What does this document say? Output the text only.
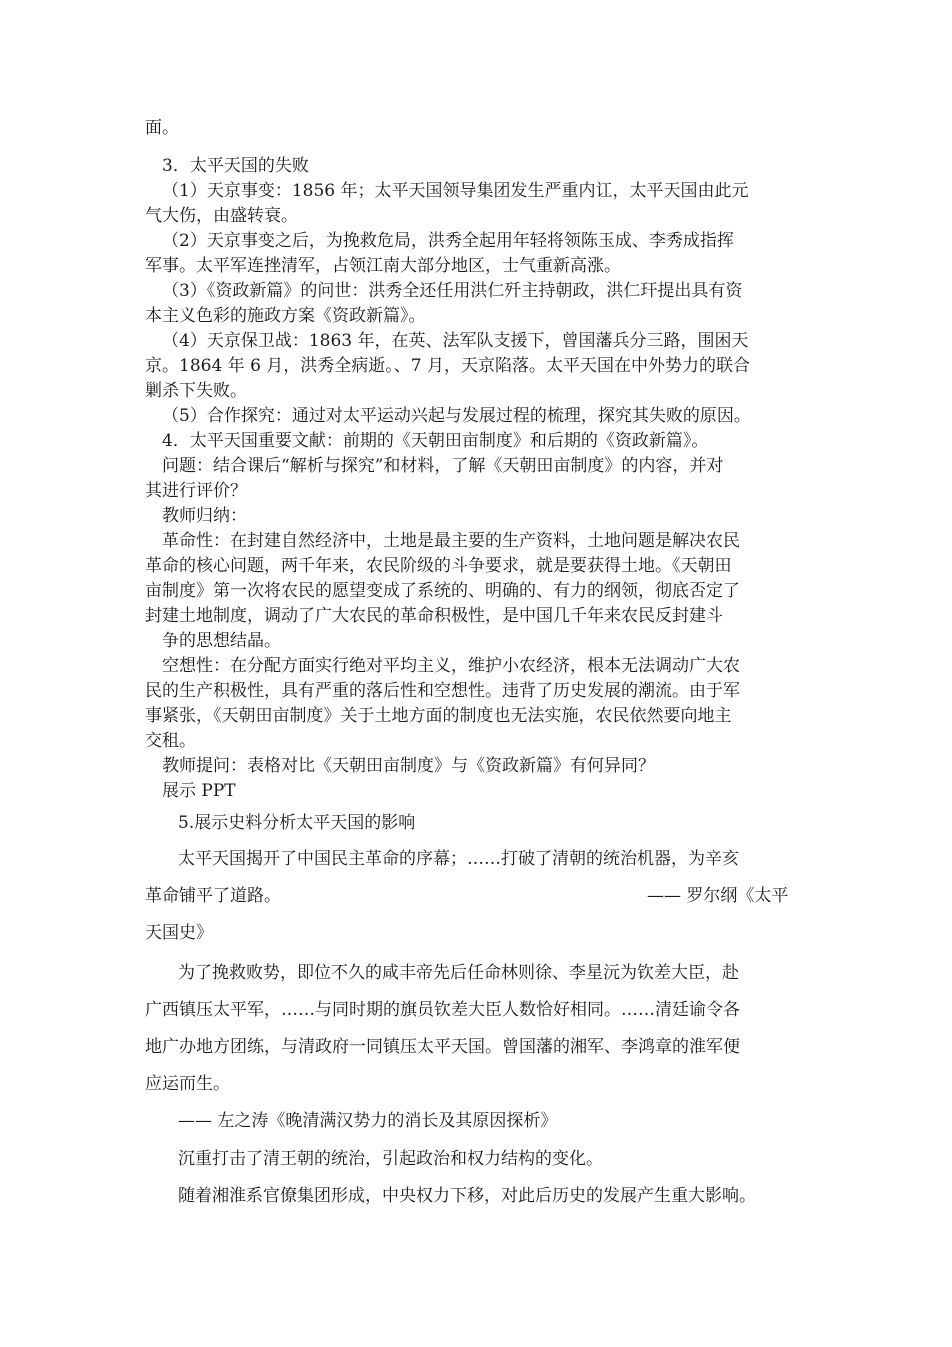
面。
3．太平天国的失败
（1）天京事变：1856 年；太平天国领导集团发生严重内讧，太平天国由此元
气大伤，由盛转衰。
（2）天京事变之后，为挽救危局，洪秀全起用年轻将领陈玉成、李秀成指挥
军事。太平军连挫清军，占领江南大部分地区，士气重新高涨。
（3）《资政新篇》的问世：洪秀全还任用洪仁歼主持朝政，洪仁玕提出具有资
本主义色彩的施政方案《资政新篇》。
（4）天京保卫战：1863 年，在英、法军队支援下，曾国藩兵分三路，围困天
京。1864 年 6 月，洪秀全病逝。、7 月，天京陷落。太平天国在中外势力的联合
剿杀下失败。
（5）合作探究：通过对太平运动兴起与发展过程的梳理，探究其失败的原因。
4．太平天国重要文献：前期的《天朝田亩制度》和后期的《资政新篇》。
问题：结合课后“解析与探究”和材料，了解《天朝田亩制度》的内容，并对
其进行评价？
教师归纳：
革命性：在封建自然经济中，土地是最主要的生产资料，土地问题是解决农民
革命的核心问题，两千年来，农民阶级的斗争要求，就是要获得土地。《天朝田
亩制度》第一次将农民的愿望变成了系统的、明确的、有力的纲领，彻底否定了
封建土地制度，调动了广大农民的革命积极性，是中国几千年来农民反封建斗
争的思想结晶。
空想性：在分配方面实行绝对平均主义，维护小农经济，根本无法调动广大农
民的生产积极性，具有严重的落后性和空想性。违背了历史发展的潮流。由于军
事紧张，《天朝田亩制度》关于土地方面的制度也无法实施，农民依然要向地主
交租。
教师提问：表格对比《天朝田亩制度》与《资政新篇》有何异同？
展示 PPT
5.展示史料分析太平天国的影响
太平天国揭开了中国民主革命的序幕；……打破了清朝的统治机器，为辛亥
革命铺平了道路。	—— 罗尔纲《太平
天国史》
为了挽救败势，即位不久的咸丰帝先后任命林则徐、李星沅为钦差大臣，赴
广西镇压太平军，……与同时期的旗员钦差大臣人数恰好相同。……清廷谕令各
地广办地方团练，与清政府一同镇压太平天国。曾国藩的湘军、李鸿章的淮军便
应运而生。
—— 左之涛《晚清满汉势力的消长及其原因探析》
沉重打击了清王朝的统治，引起政治和权力结构的变化。
随着湘淮系官僚集团形成，中央权力下移，对此后历史的发展产生重大影响。
